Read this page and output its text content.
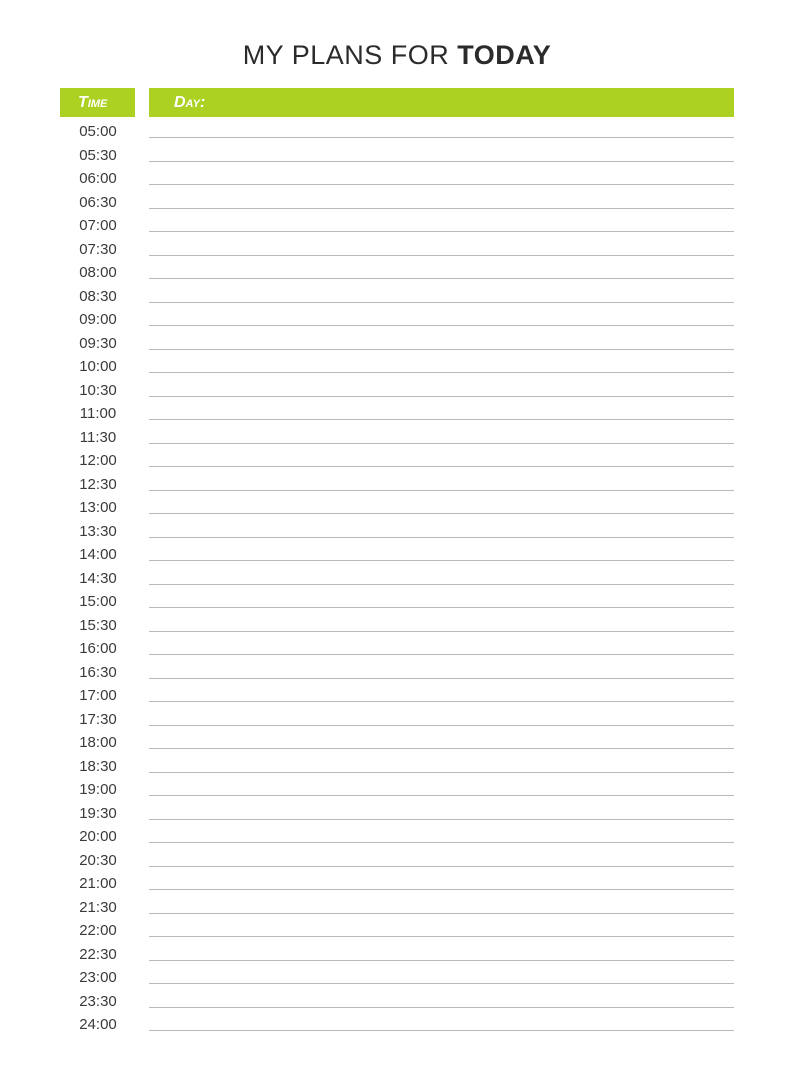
MY PLANS FOR TODAY
Time	Day:
05:00
05:30
06:00
06:30
07:00
07:30
08:00
08:30
09:00
09:30
10:00
10:30
11:00
11:30
12:00
12:30
13:00
13:30
14:00
14:30
15:00
15:30
16:00
16:30
17:00
17:30
18:00
18:30
19:00
19:30
20:00
20:30
21:00
21:30
22:00
22:30
23:00
23:30
24:00
